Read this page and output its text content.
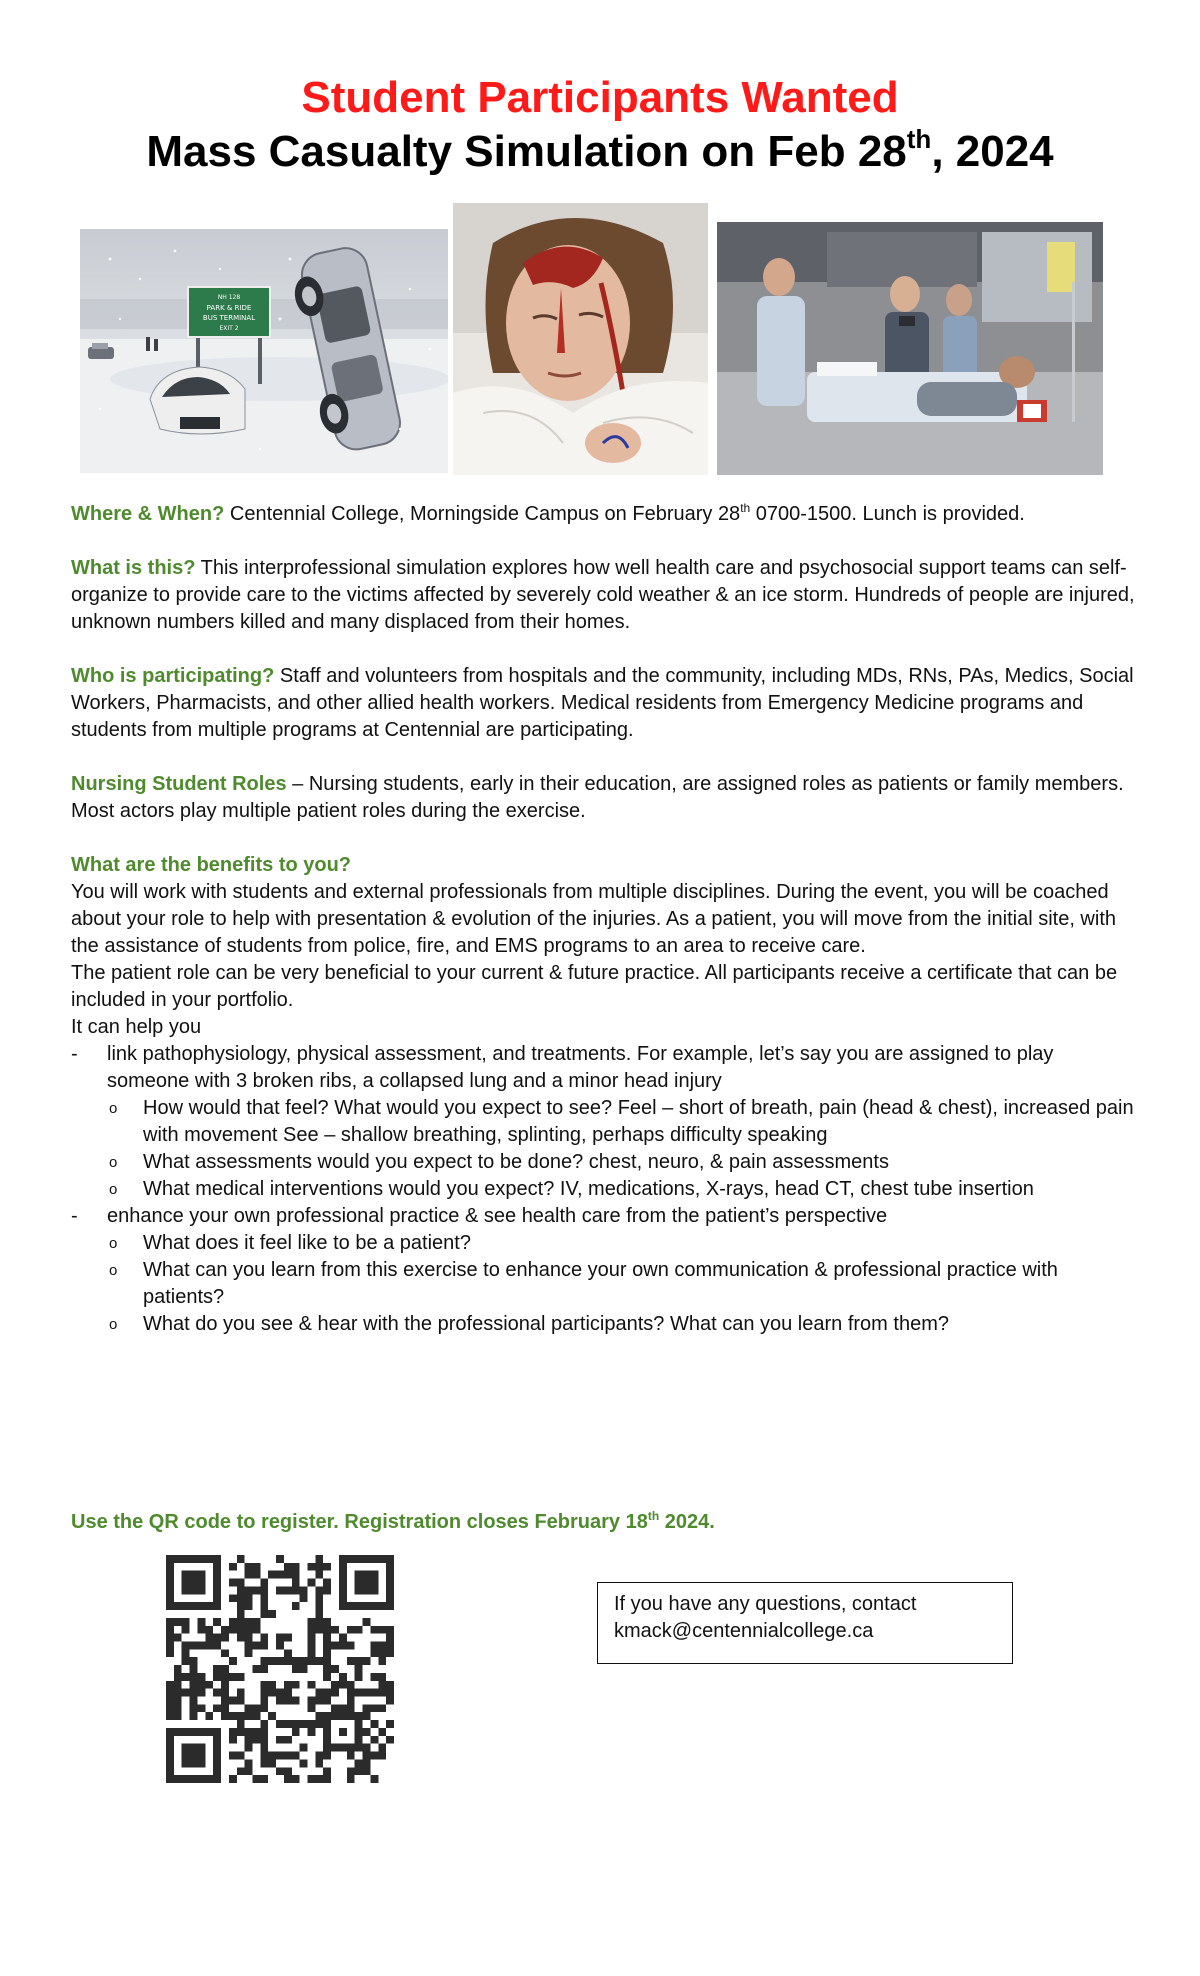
Student Participants Wanted
Mass Casualty Simulation on Feb 28th, 2024
NH 128
PARK & RIDE
BUS TERMINAL
EXIT 2

Where & When? Centennial College, Morningside Campus on February 28th 0700-1500. Lunch is provided.

What is this? This interprofessional simulation explores how well health care and psychosocial support teams can self-organize to provide care to the victims affected by severely cold weather & an ice storm. Hundreds of people are injured, unknown numbers killed and many displaced from their homes.

Who is participating? Staff and volunteers from hospitals and the community, including MDs, RNs, PAs, Medics, Social Workers, Pharmacists, and other allied health workers. Medical residents from Emergency Medicine programs and students from multiple programs at Centennial are participating.

Nursing Student Roles – Nursing students, early in their education, are assigned roles as patients or family members. Most actors play multiple patient roles during the exercise.

What are the benefits to you?
You will work with students and external professionals from multiple disciplines. During the event, you will be coached about your role to help with presentation & evolution of the injuries. As a patient, you will move from the initial site, with the assistance of students from police, fire, and EMS programs to an area to receive care.
The patient role can be very beneficial to your current & future practice. All participants receive a certificate that can be included in your portfolio.
It can help you
-	link pathophysiology, physical assessment, and treatments. For example, let’s say you are assigned to play someone with 3 broken ribs, a collapsed lung and a minor head injury
o How would that feel? What would you expect to see? Feel – short of breath, pain (head & chest), increased pain with movement See – shallow breathing, splinting, perhaps difficulty speaking
o What assessments would you expect to be done? chest, neuro, & pain assessments
o What medical interventions would you expect? IV, medications, X-rays, head CT, chest tube insertion
-	enhance your own professional practice & see health care from the patient’s perspective
o What does it feel like to be a patient?
o What can you learn from this exercise to enhance your own communication & professional practice with patients?
o What do you see & hear with the professional participants? What can you learn from them?
Use the QR code to register. Registration closes February 18th 2024.
If you have any questions, contact
kmack@centennialcollege.ca
